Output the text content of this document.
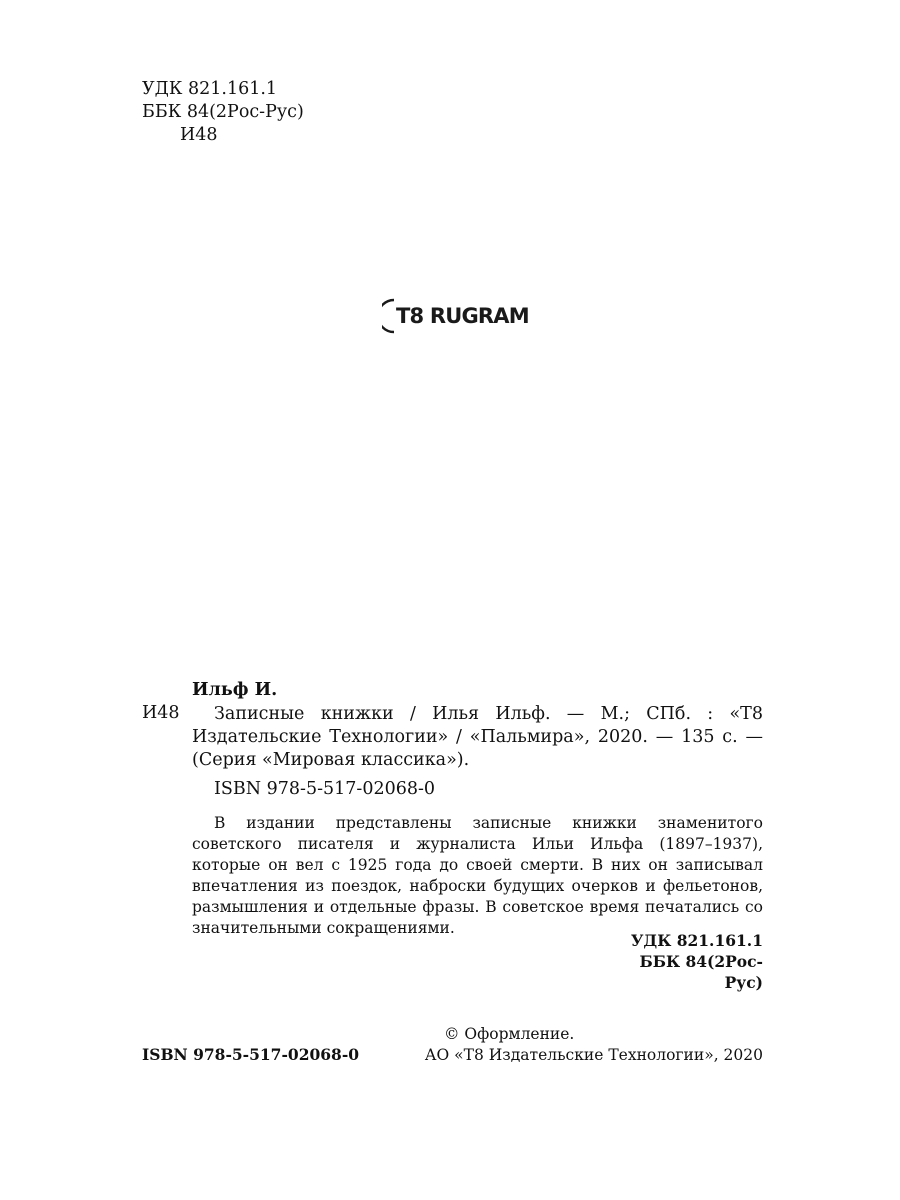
УДК 821.161.1
ББК 84(2Рос-Рус)
И48
T8 RUGRAM
Ильф И.
И48	Записные книжки / Илья Ильф. — М.; СПб. : «Т8 Издательские Технологии» / «Пальмира», 2020. — 135 с. — (Серия «Мировая классика»).
ISBN 978-5-517-02068-0
В издании представлены записные книжки знаменитого советского писателя и журналиста Ильи Ильфа (1897–1937), которые он вел с 1925 года до своей смерти. В них он записывал впечатления из поездок, наброски будущих очерков и фельетонов, размышления и отдельные фразы. В советское время печатались со значительными сокращениями.
УДК 821.161.1
ББК 84(2Рос-Рус)
ISBN 978-5-517-02068-0
© Оформление.
АО «Т8 Издательские Технологии», 2020
